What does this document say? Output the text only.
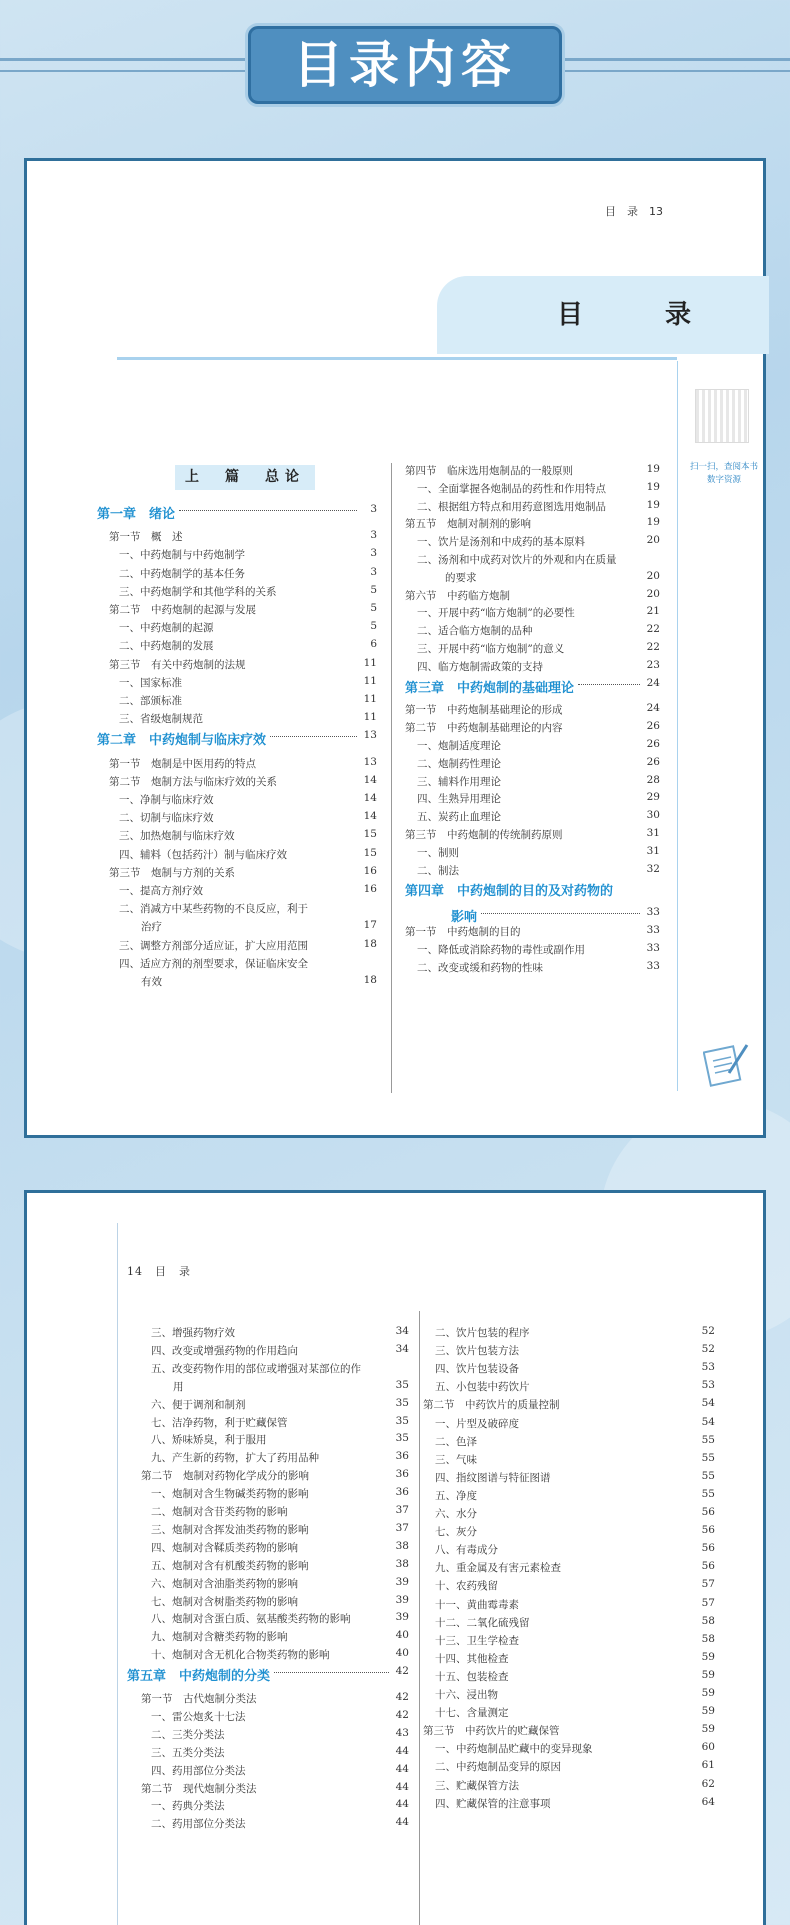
目录内容
目　录　13
目　录
扫一扫，查阅本书数字资源
上　篇　总论
第一章　绪论	3
第一节　概　述	3
一、中药炮制与中药炮制学	3
二、中药炮制学的基本任务	3
三、中药炮制学和其他学科的关系	5
第二节　中药炮制的起源与发展	5
一、中药炮制的起源	5
二、中药炮制的发展	6
第三节　有关中药炮制的法规	11
一、国家标准	11
二、部颁标准	11
三、省级炮制规范	11
第二章　中药炮制与临床疗效	13
第一节　炮制是中医用药的特点	13
第二节　炮制方法与临床疗效的关系	14
一、净制与临床疗效	14
二、切制与临床疗效	14
三、加热炮制与临床疗效	15
四、辅料（包括药汁）制与临床疗效	15
第三节　炮制与方剂的关系	16
一、提高方剂疗效	16
二、消减方中某些药物的不良反应，利于
治疗	17
三、调整方剂部分适应证，扩大应用范围	18
四、适应方剂的剂型要求，保证临床安全
有效	18
第四节　临床选用炮制品的一般原则	19
一、全面掌握各炮制品的药性和作用特点	19
二、根据组方特点和用药意图选用炮制品	19
第五节　炮制对制剂的影响	19
一、饮片是汤剂和中成药的基本原料	20
二、汤剂和中成药对饮片的外观和内在质量
的要求	20
第六节　中药临方炮制	20
一、开展中药“临方炮制”的必要性	21
二、适合临方炮制的品种	22
三、开展中药“临方炮制”的意义	22
四、临方炮制需政策的支持	23
第三章　中药炮制的基础理论	24
第一节　中药炮制基础理论的形成	24
第二节　中药炮制基础理论的内容	26
一、炮制适度理论	26
二、炮制药性理论	26
三、辅料作用理论	28
四、生熟异用理论	29
五、炭药止血理论	30
第三节　中药炮制的传统制药原则	31
一、制则	31
二、制法	32
第四章　中药炮制的目的及对药物的
影响	33
第一节　中药炮制的目的	33
一、降低或消除药物的毒性或副作用	33
二、改变或缓和药物的性味	33
14　目　录
三、增强药物疗效	34
四、改变或增强药物的作用趋向	34
五、改变药物作用的部位或增强对某部位的作
用	35
六、便于调剂和制剂	35
七、洁净药物，利于贮藏保管	35
八、矫味矫臭，利于服用	35
九、产生新的药物，扩大了药用品种	36
第二节　炮制对药物化学成分的影响	36
一、炮制对含生物碱类药物的影响	36
二、炮制对含苷类药物的影响	37
三、炮制对含挥发油类药物的影响	37
四、炮制对含鞣质类药物的影响	38
五、炮制对含有机酸类药物的影响	38
六、炮制对含油脂类药物的影响	39
七、炮制对含树脂类药物的影响	39
八、炮制对含蛋白质、氨基酸类药物的影响	39
九、炮制对含糖类药物的影响	40
十、炮制对含无机化合物类药物的影响	40
第五章　中药炮制的分类	42
第一节　古代炮制分类法	42
一、雷公炮炙十七法	42
二、三类分类法	43
三、五类分类法	44
四、药用部位分类法	44
第二节　现代炮制分类法	44
一、药典分类法	44
二、药用部位分类法	44
二、饮片包装的程序	52
三、饮片包装方法	52
四、饮片包装设备	53
五、小包装中药饮片	53
第二节　中药饮片的质量控制	54
一、片型及破碎度	54
二、色泽	55
三、气味	55
四、指纹图谱与特征图谱	55
五、净度	55
六、水分	56
七、灰分	56
八、有毒成分	56
九、重金属及有害元素检查	56
十、农药残留	57
十一、黄曲霉毒素	57
十二、二氧化硫残留	58
十三、卫生学检查	58
十四、其他检查	59
十五、包装检查	59
十六、浸出物	59
十七、含量测定	59
第三节　中药饮片的贮藏保管	59
一、中药炮制品贮藏中的变异现象	60
二、中药炮制品变异的原因	61
三、贮藏保管方法	62
四、贮藏保管的注意事项	64
